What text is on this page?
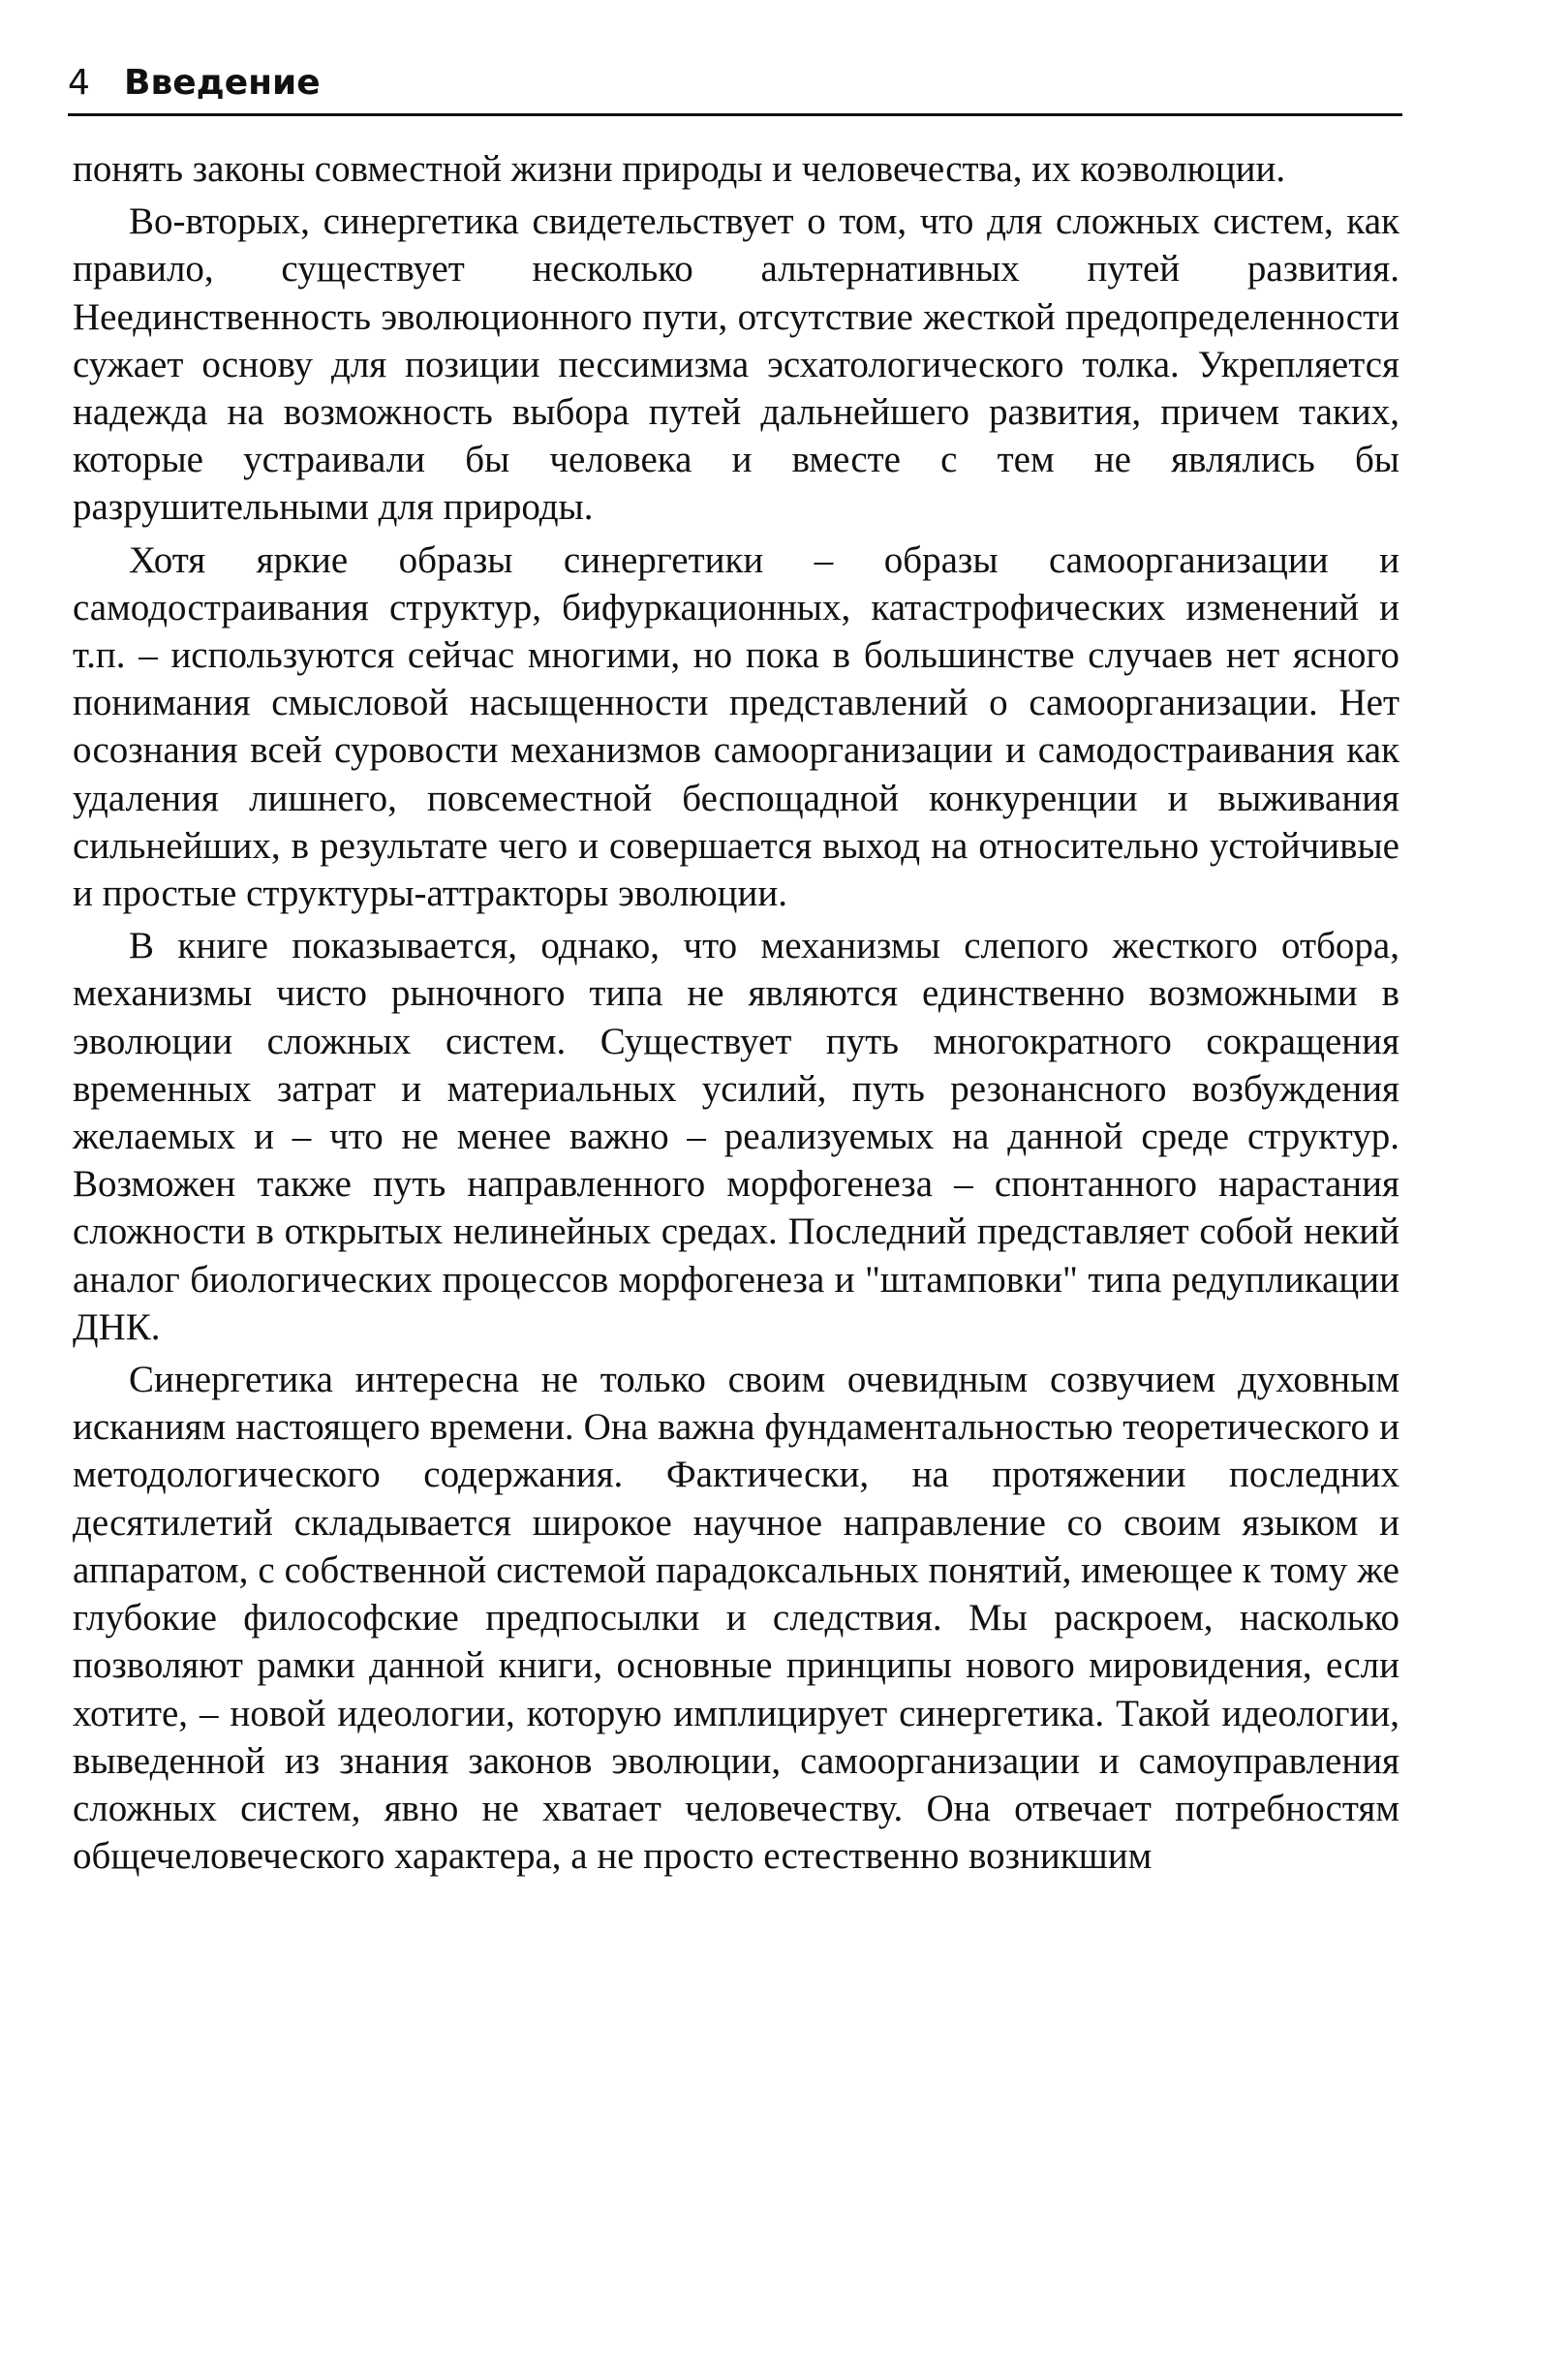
4 Введение

понять законы совместной жизни природы и человечества, их коэволюции.

Во-вторых, синергетика свидетельствует о том, что для сложных систем, как правило, существует несколько альтернативных путей развития. Неединственность эволюционного пути, отсутствие жесткой предопределенности сужает основу для позиции пессимизма эсхатологического толка. Укрепляется надежда на возможность выбора путей дальнейшего развития, причем таких, которые устраивали бы человека и вместе с тем не являлись бы разрушительными для природы.

Хотя яркие образы синергетики – образы самоорганизации и самодостраивания структур, бифуркационных, катастрофических изменений и т.п. – используются сейчас многими, но пока в большинстве случаев нет ясного понимания смысловой насыщенности представлений о самоорганизации. Нет осознания всей суровости механизмов самоорганизации и самодостраивания как удаления лишнего, повсеместной беспощадной конкуренции и выживания сильнейших, в результате чего и совершается выход на относительно устойчивые и простые структуры-аттракторы эволюции.

В книге показывается, однако, что механизмы слепого жесткого отбора, механизмы чисто рыночного типа не являются единственно возможными в эволюции сложных систем. Существует путь многократного сокращения временных затрат и материальных усилий, путь резонансного возбуждения желаемых и – что не менее важно – реализуемых на данной среде структур. Возможен также путь направленного морфогенеза – спонтанного нарастания сложности в открытых нелинейных средах. Последний представляет собой некий аналог биологических процессов морфогенеза и "штамповки" типа редупликации ДНК.

Синергетика интересна не только своим очевидным созвучием духовным исканиям настоящего времени. Она важна фундаментальностью теоретического и методологического содержания. Фактически, на протяжении последних десятилетий складывается широкое научное направление со своим языком и аппаратом, с собственной системой парадоксальных понятий, имеющее к тому же глубокие философские предпосылки и следствия. Мы раскроем, насколько позволяют рамки данной книги, основные принципы нового мировидения, если хотите, – новой идеологии, которую имплицирует синергетика. Такой идеологии, выведенной из знания законов эволюции, самоорганизации и самоуправления сложных систем, явно не хватает человечеству. Она отвечает потребностям общечеловеческого характера, а не просто естественно возникшим
